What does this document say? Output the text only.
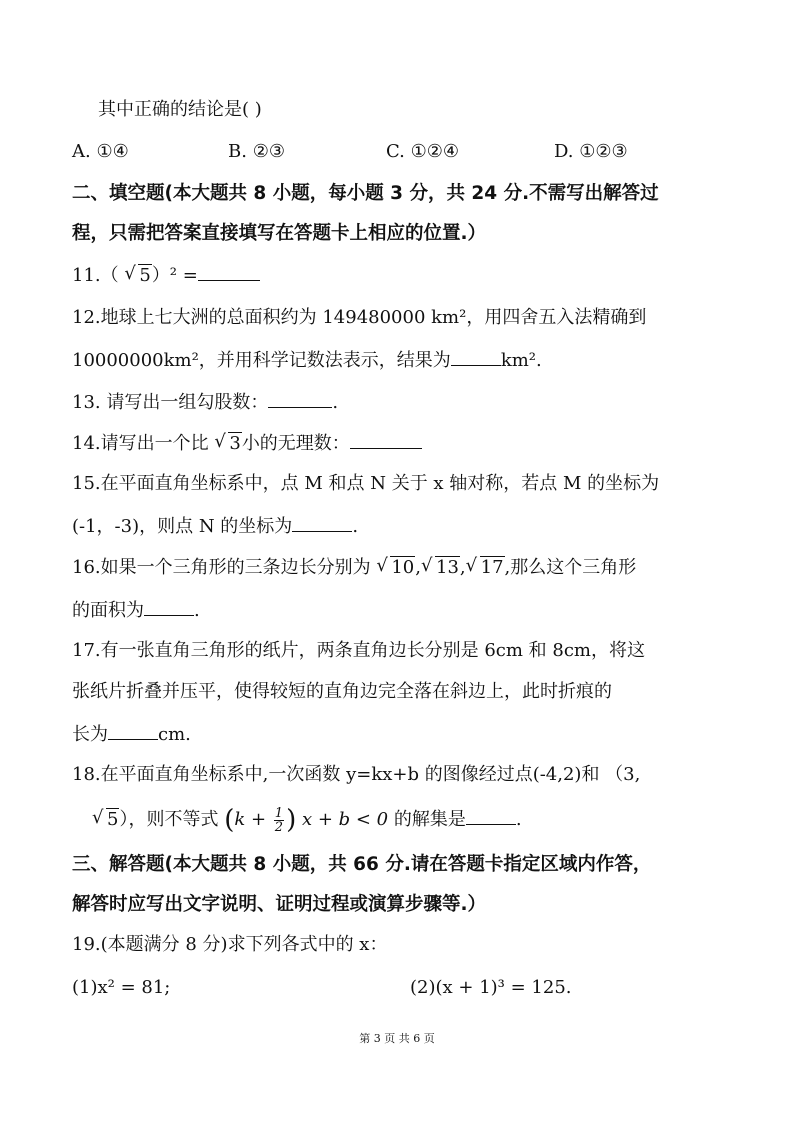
其中正确的结论是( )
A. ①④	B. ②③	C. ①②④	D. ①②③
二、填空题(本大题共 8 小题，每小题 3 分，共 24 分.不需写出解答过
程，只需把答案直接填写在答题卡上相应的位置.）
11.（ √ 5）² =
12.地球上七大洲的总面积约为 149480000 km²，用四舍五入法精确到
10000000km²，并用科学记数法表示，结果为	km².
13. 请写出一组勾股数：	.
14.请写出一个比 √ 3小的无理数：
15.在平面直角坐标系中，点 M 和点 N 关于 x 轴对称，若点 M 的坐标为
(-1，-3)，则点 N 的坐标为	.
16.如果一个三角形的三条边长分别为 √ 10, √ 13, √ 17,那么这个三角形
的面积为	.
17.有一张直角三角形的纸片，两条直角边长分别是 6cm 和 8cm，将这
张纸片折叠并压平，使得较短的直角边完全落在斜边上，此时折痕的
长为	cm.
18.在平面直角坐标系中,一次函数 y=kx+b 的图像经过点(-4,2)和 （3,
√ 5），则不等式 ($k + \frac{1}{2}$ ) x + b < 0 的解集是	.
三、解答题(本大题共 8 小题，共 66 分.请在答题卡指定区域内作答，
解答时应写出文字说明、证明过程或演算步骤等.）
19.(本题满分 8 分)求下列各式中的 x：
(1)x² = 81;	(2)(x + 1)³ = 125.
第 3 页 共 6 页
